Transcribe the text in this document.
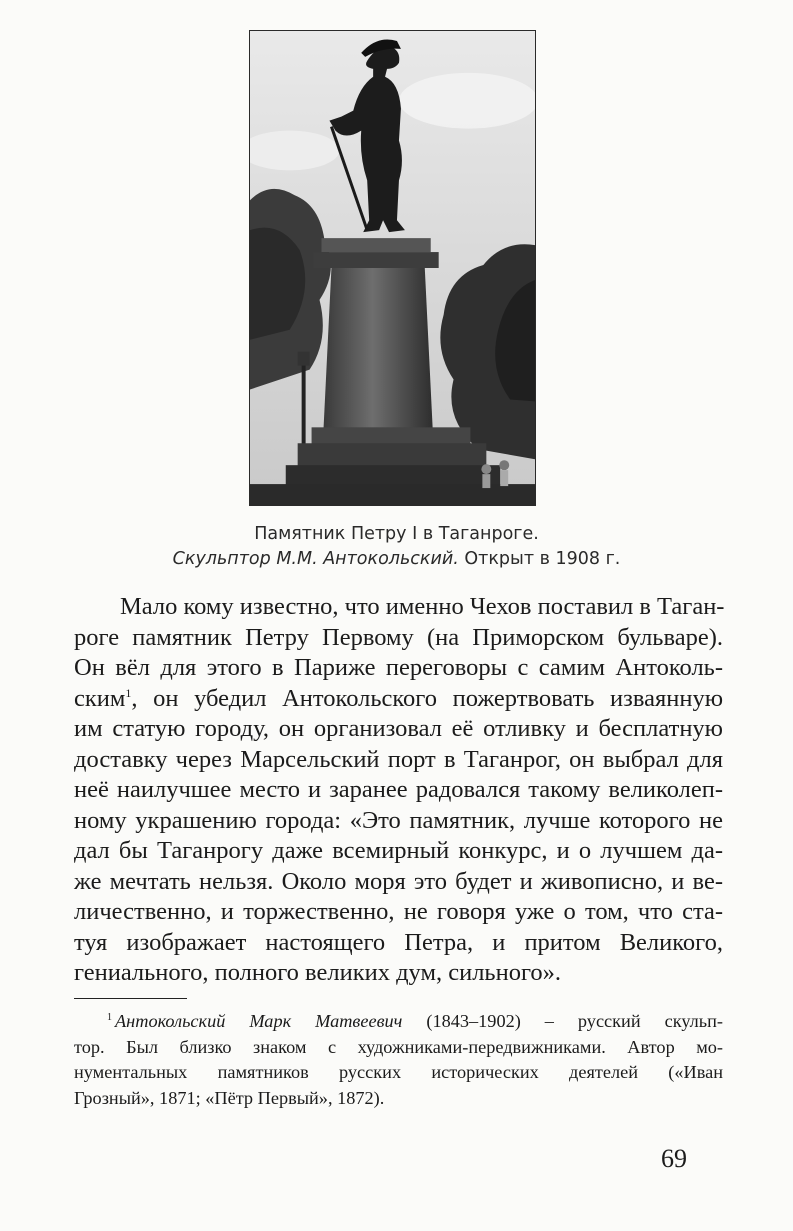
Памятник Петру I в Таганроге.
Скульптор М.М. Антокольский. Открыт в 1908 г.
Мало кому известно, что именно Чехов поставил в Таган-
роге памятник Петру Первому (на Приморском бульваре).
Он вёл для этого в Париже переговоры с самим Антоколь-
ским$^1$, он убедил Антокольского пожертвовать изваянную
им статую городу, он организовал её отливку и бесплатную
доставку через Марсельский порт в Таганрог, он выбрал для
неё наилучшее место и заранее радовался такому великолеп-
ному украшению города: «Это памятник, лучше которого не
дал бы Таганрогу даже всемирный конкурс, и о лучшем да-
же мечтать нельзя. Около моря это будет и живописно, и ве-
личественно, и торжественно, не говоря уже о том, что ста-
туя изображает настоящего Петра, и притом Великого,
гениального, полного великих дум, сильного».
$^1$ Антокольский Марк Матвеевич (1843–1902) – русский скульп-
тор. Был близко знаком с художниками-передвижниками. Автор мо-
нументальных памятников русских исторических деятелей («Иван
Грозный», 1871; «Пётр Первый», 1872).
69
